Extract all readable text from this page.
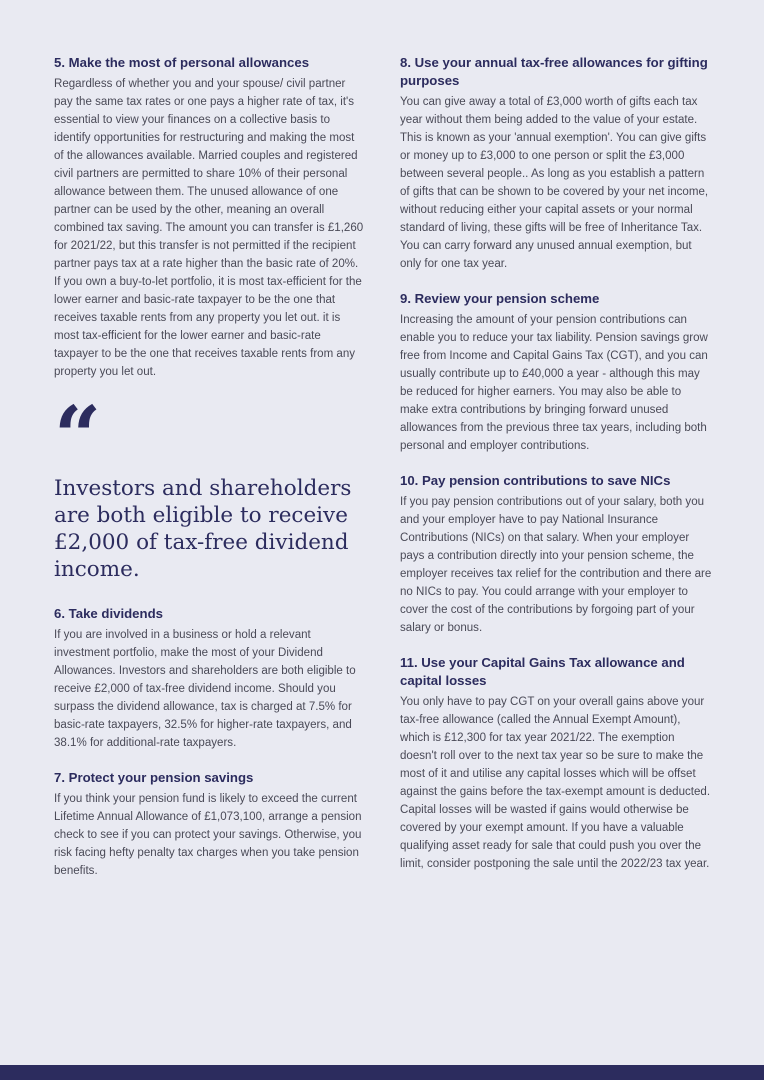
5. Make the most of personal allowances

Regardless of whether you and your spouse/ civil partner pay the same tax rates or one pays a higher rate of tax, it's essential to view your finances on a collective basis to identify opportunities for restructuring and making the most of the allowances available. Married couples and registered civil partners are permitted to share 10% of their personal allowance between them. The unused allowance of one partner can be used by the other, meaning an overall combined tax saving. The amount you can transfer is £1,260 for 2021/22, but this transfer is not permitted if the recipient partner pays tax at a rate higher than the basic rate of 20%. If you own a buy-to-let portfolio, it is most tax-efficient for the lower earner and basic-rate taxpayer to be the one that receives taxable rents from any property you let out. it is most tax-efficient for the lower earner and basic-rate taxpayer to be the one that receives taxable rents from any property you let out.

“
Investors and shareholders are both eligible to receive £2,000 of tax-free dividend income.
6. Take dividends

If you are involved in a business or hold a relevant investment portfolio, make the most of your Dividend Allowances. Investors and shareholders are both eligible to receive £2,000 of tax-free dividend income. Should you surpass the dividend allowance, tax is charged at 7.5% for basic-rate taxpayers, 32.5% for higher-rate taxpayers, and 38.1% for additional-rate taxpayers.

7. Protect your pension savings

If you think your pension fund is likely to exceed the current Lifetime Annual Allowance of £1,073,100, arrange a pension check to see if you can protect your savings. Otherwise, you risk facing hefty penalty tax charges when you take pension benefits.

8. Use your annual tax-free allowances for gifting purposes

You can give away a total of £3,000 worth of gifts each tax year without them being added to the value of your estate. This is known as your 'annual exemption'. You can give gifts or money up to £3,000 to one person or split the £3,000 between several people.. As long as you establish a pattern of gifts that can be shown to be covered by your net income, without reducing either your capital assets or your normal standard of living, these gifts will be free of Inheritance Tax. You can carry forward any unused annual exemption, but only for one tax year.

9. Review your pension scheme

Increasing the amount of your pension contributions can enable you to reduce your tax liability. Pension savings grow free from Income and Capital Gains Tax (CGT), and you can usually contribute up to £40,000 a year - although this may be reduced for higher earners. You may also be able to make extra contributions by bringing forward unused allowances from the previous three tax years, including both personal and employer contributions.

10. Pay pension contributions to save NICs

If you pay pension contributions out of your salary, both you and your employer have to pay National Insurance Contributions (NICs) on that salary. When your employer pays a contribution directly into your pension scheme, the employer receives tax relief for the contribution and there are no NICs to pay. You could arrange with your employer to cover the cost of the contributions by forgoing part of your salary or bonus.

11. Use your Capital Gains Tax allowance and capital losses

You only have to pay CGT on your overall gains above your tax-free allowance (called the Annual Exempt Amount), which is £12,300 for tax year 2021/22. The exemption doesn't roll over to the next tax year so be sure to make the most of it and utilise any capital losses which will be offset against the gains before the tax-exempt amount is deducted. Capital losses will be wasted if gains would otherwise be covered by your exempt amount. If you have a valuable qualifying asset ready for sale that could push you over the limit, consider postponing the sale until the 2022/23 tax year.
